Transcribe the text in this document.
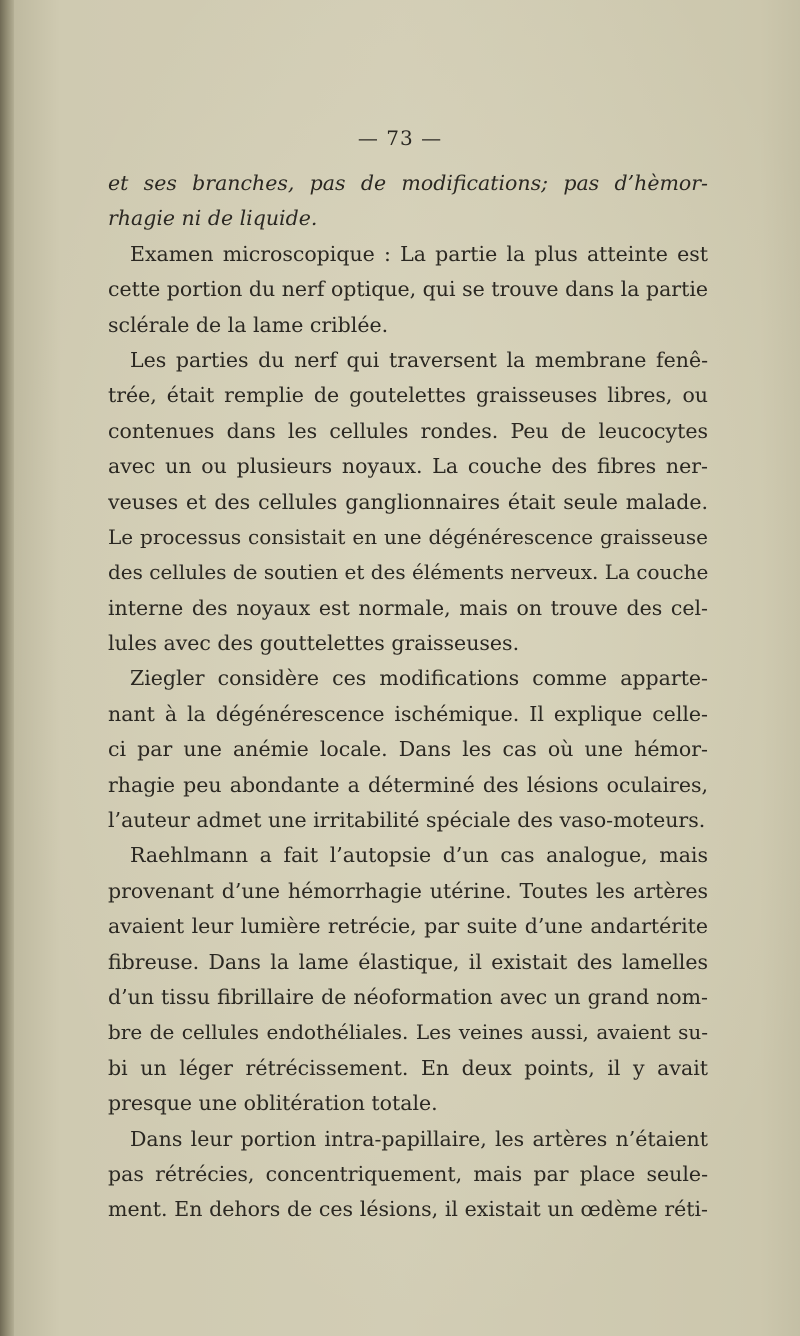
— 73 —
et ses branches, pas de modifications; pas d’hèmor-
rhagie ni de liquide.
Examen microscopique : La partie la plus atteinte est
cette portion du nerf optique, qui se trouve dans la partie
sclérale de la lame criblée.
Les parties du nerf qui traversent la membrane fenê-
trée, était remplie de goutelettes graisseuses libres, ou
contenues dans les cellules rondes. Peu de leucocytes
avec un ou plusieurs noyaux. La couche des fibres ner-
veuses et des cellules ganglionnaires était seule malade.
Le processus consistait en une dégénérescence graisseuse
des cellules de soutien et des éléments nerveux. La couche
interne des noyaux est normale, mais on trouve des cel-
lules avec des gouttelettes graisseuses.
Ziegler considère ces modifications comme apparte-
nant à la dégénérescence ischémique. Il explique celle-
ci par une anémie locale. Dans les cas où une hémor-
rhagie peu abondante a déterminé des lésions oculaires,
l’auteur admet une irritabilité spéciale des vaso-moteurs.
Raehlmann a fait l’autopsie d’un cas analogue, mais
provenant d’une hémorrhagie utérine. Toutes les artères
avaient leur lumière retrécie, par suite d’une andartérite
fibreuse. Dans la lame élastique, il existait des lamelles
d’un tissu fibrillaire de néoformation avec un grand nom-
bre de cellules endothéliales. Les veines aussi, avaient su-
bi un léger rétrécissement. En deux points, il y avait
presque une oblitération totale.
Dans leur portion intra-papillaire, les artères n’étaient
pas rétrécies, concentriquement, mais par place seule-
ment. En dehors de ces lésions, il existait un œdème réti-
